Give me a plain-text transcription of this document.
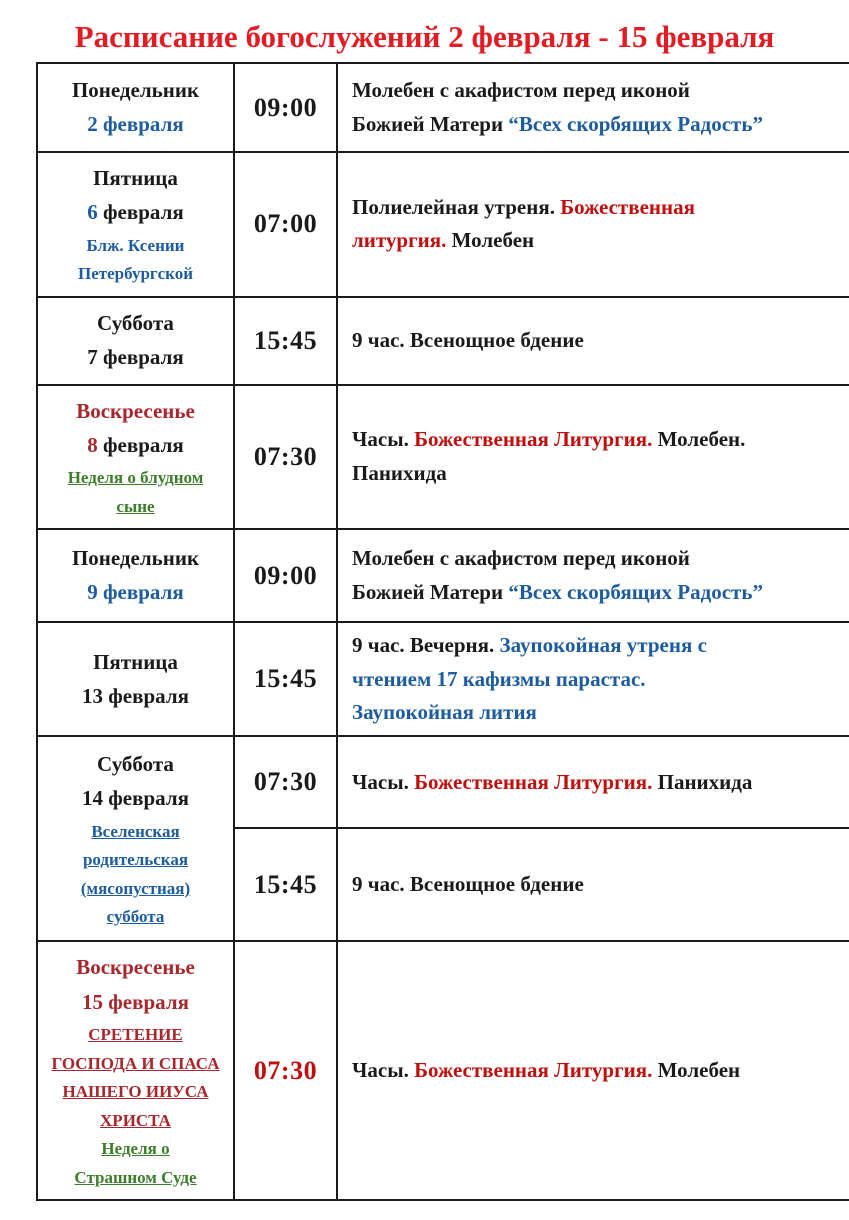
Расписание богослужений 2 февраля - 15 февраля
Понедельник
2 февраля
	09:00	
Молебен с акафистом перед иконой
Божией Матери “Всех скорбящих Радость”

Пятница
6 февраля
Блж. Ксении
Петербургской
	07:00	
Полиелейная утреня. Божественная
литургия. Молебен

Суббота
7 февраля	15:45	9 час. Всенощное бдение

Воскресенье
8 февраля
Неделя о блудном
сыне
	07:30	
Часы. Божественная Литургия. Молебен.
Панихида

Понедельник
9 февраля
	09:00	
Молебен с акафистом перед иконой
Божией Матери “Всех скорбящих Радость”

Пятница
13 февраля
	15:45	
9 час. Вечерня. Заупокойная утреня с
чтением 17 кафизмы парастас.
Заупокойная лития

Суббота
14 февраля
Вселенская
родительская
(мясопустная)
суббота
	07:30	Часы. Божественная Литургия. Панихида

	15:45	9 час. Всенощное бдение

Воскресенье
15 февраля
СРЕТЕНИЕ
ГОСПОДА И СПАСА
НАШЕГО ИИУСА
ХРИСТА
Неделя о
Страшном Суде
	07:30	Часы. Божественная Литургия. Молебен
